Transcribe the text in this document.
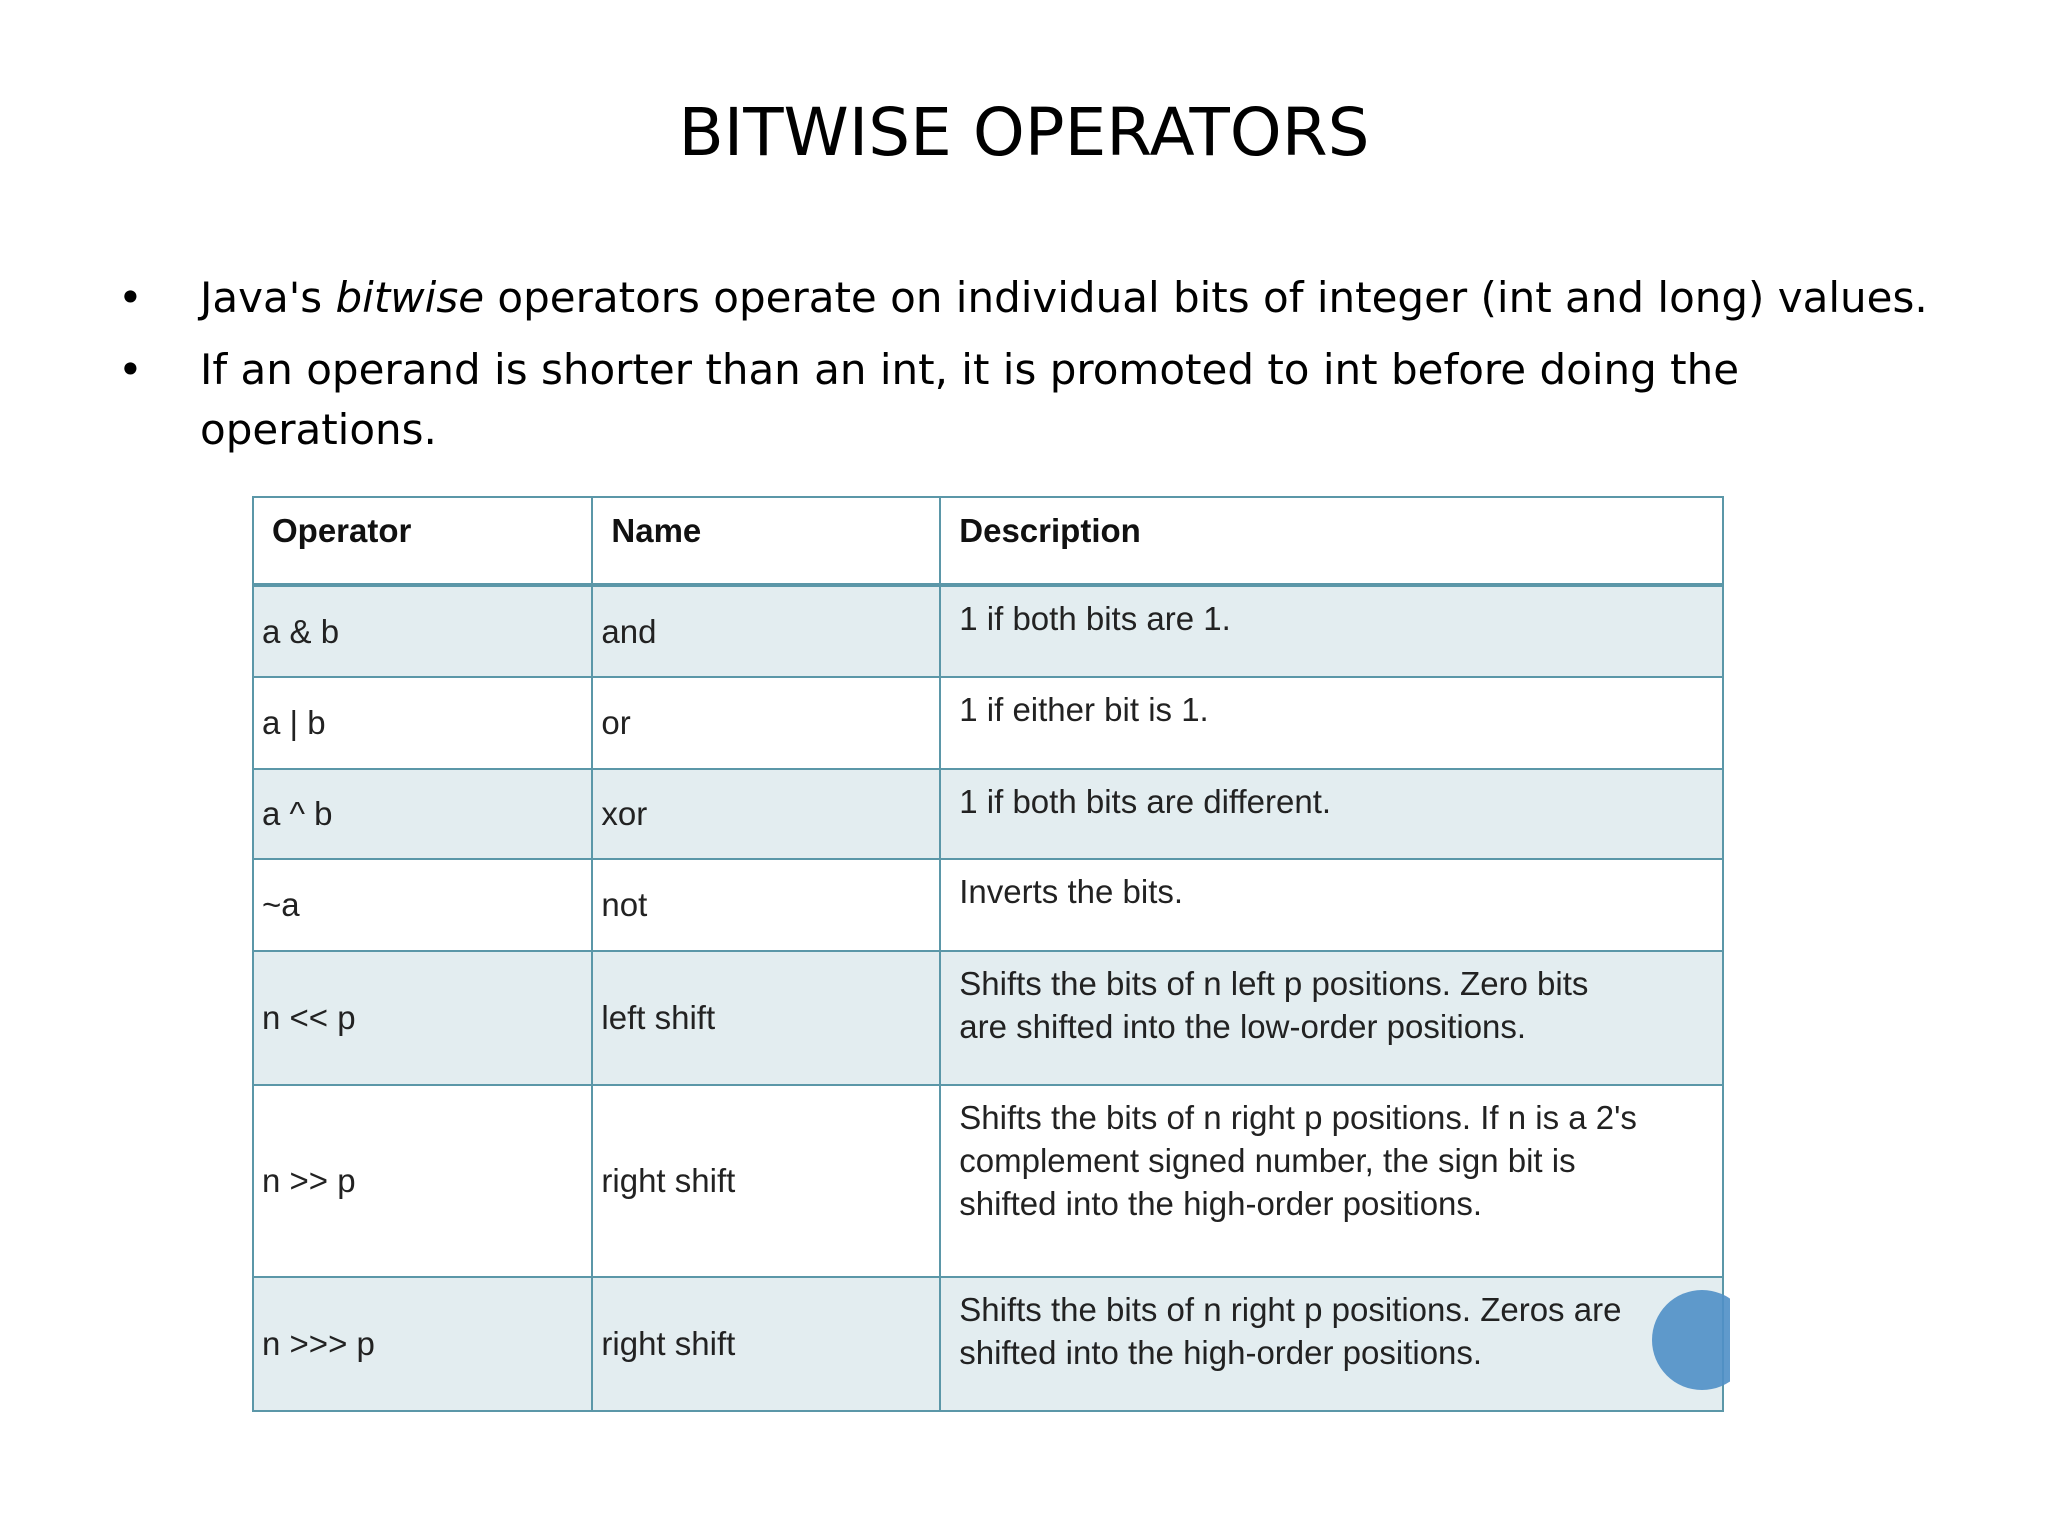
BITWISE OPERATORS
• Java's bitwise operators operate on individual bits of integer (int and long) values.
• If an operand is shorter than an int, it is promoted to int before doing the
operations.
Operator	Name	Description
a & b	and	1 if both bits are 1.

a | b	or	1 if either bit is 1.

a ^ b	xor	1 if both bits are different.

~a	not	Inverts the bits.

n << p	left shift	Shifts the bits of n left p positions. Zero bits
are shifted into the low-order positions.

n >> p	right shift	Shifts the bits of n right p positions. If n is a 2's
complement signed number, the sign bit is
shifted into the high-order positions.

n >>> p	right shift	Shifts the bits of n right p positions. Zeros are
shifted into the high-order positions.
